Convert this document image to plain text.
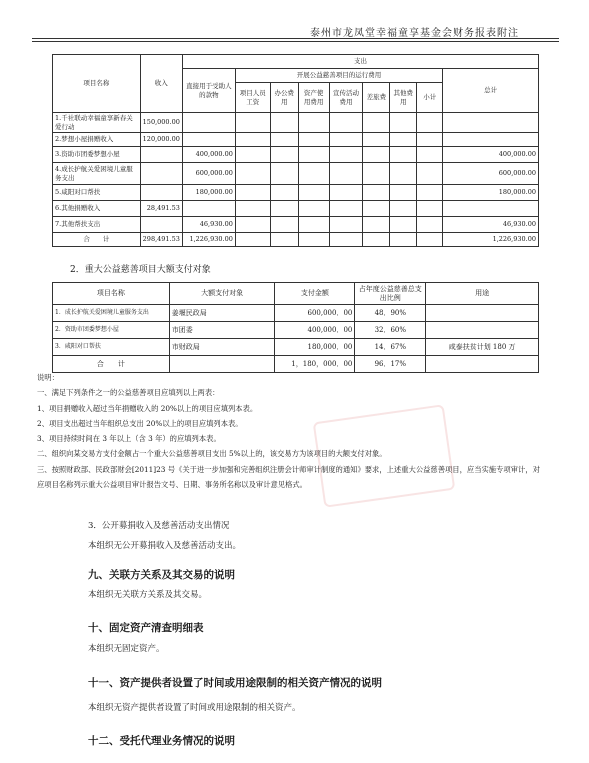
泰州市龙凤堂幸福童享基金会财务报表附注
项目名称	收入	支出								
		直接用于受助人的款物	开展公益慈善项目的运行费用							总计
			项目人员工资	办公费用	资产使用费用	宣传活动费用	差旅费	其他费用	小计	
1.千社联动幸福童享新春关爱行动	150,000.00									
2.梦想小屋捐赠收入	120,000.00									
3.资助市团委梦想小屋		400,000.00								400,000.00
4.成长护航关爱困境儿童服务支出		600,000.00								600,000.00
5.咸阳对口帮扶		180,000.00								180,000.00
6.其他捐赠收入	28,491.53									
7.其他帮扶支出		46,930.00								46,930.00
合　　计	298,491.53	1,226,930.00								1,226,930.00
2．重大公益慈善项目大额支付对象
项目名称	大额支付对象	支付金额	占年度公益慈善总支出比例	用途
1．成长护航关爱困境儿童服务支出	姜堰民政局	600,000．00	48．90%	
2．资助市团委梦想小屋	市团委	400,000．00	32．60%	
3．咸阳对口帮扶	市财政局	180,000．00	14．67%	咸泰扶贫计划 180 万
合　　计		1，180，000．00	96．17%	

说明：

一、满足下列条件之一的公益慈善项目应填列以上两表：

1、项目捐赠收入超过当年捐赠收入的 20%以上的项目应填列本表。

2、项目支出超过当年组织总支出 20%以上的项目应填列本表。

3、项目持续时间在 3 年以上（含 3 年）的应填列本表。

二、组织向某交易方支付金额占一个重大公益慈善项目支出 5%以上的，该交易方为该项目的大额支付对象。

三、按照财政部、民政部财会[2011]23 号《关于进一步加强和完善组织注册会计师审计制度的通知》要求，上述重大公益慈善项目，应当实施专项审计，对应项目名称列示重大公益项目审计报告文号、日期、事务所名称以及审计意见格式。

3．公开募捐收入及慈善活动支出情况
本组织无公开募捐收入及慈善活动支出。
九、关联方关系及其交易的说明
本组织无关联方关系及其交易。
十、固定资产清查明细表
本组织无固定资产。
十一、资产提供者设置了时间或用途限制的相关资产情况的说明
本组织无资产提供者设置了时间或用途限制的相关资产。
十二、受托代理业务情况的说明
